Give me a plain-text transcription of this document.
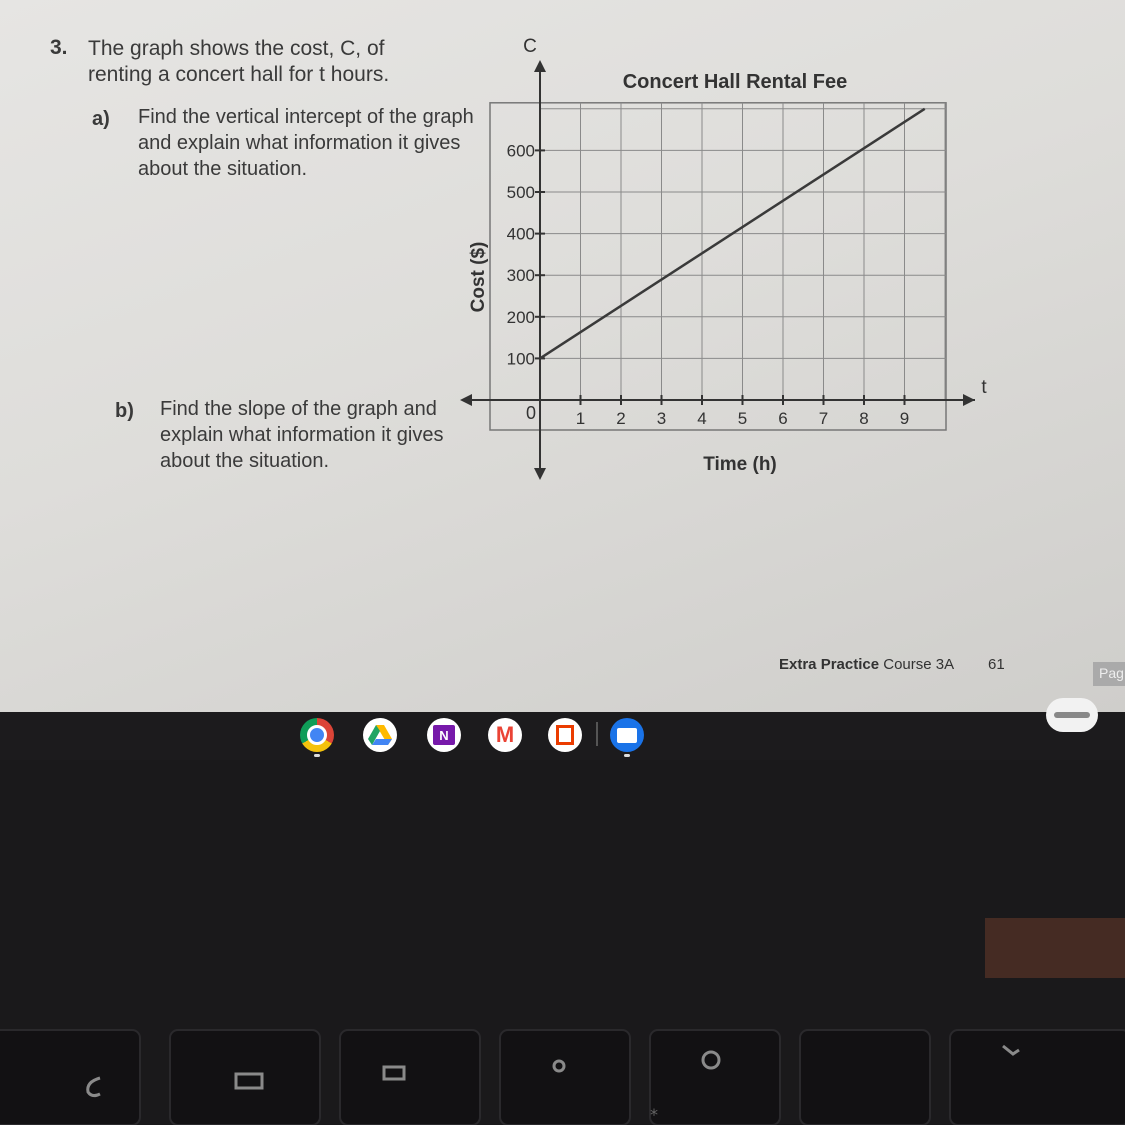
3. The graph shows the cost, C, of
renting a concert hall for t hours.
a) Find the vertical intercept of the graph and explain what information it gives about the situation.
b) Find the slope of the graph and explain what information it gives about the situation.
100
200
300
400
500
600
1 2 3 4 5 6 7 8 9
Concert Hall Rental Fee
Time (h)
Cost ($)
C
t
0
Extra Practice Course 3A 61	Pag
N M
*
